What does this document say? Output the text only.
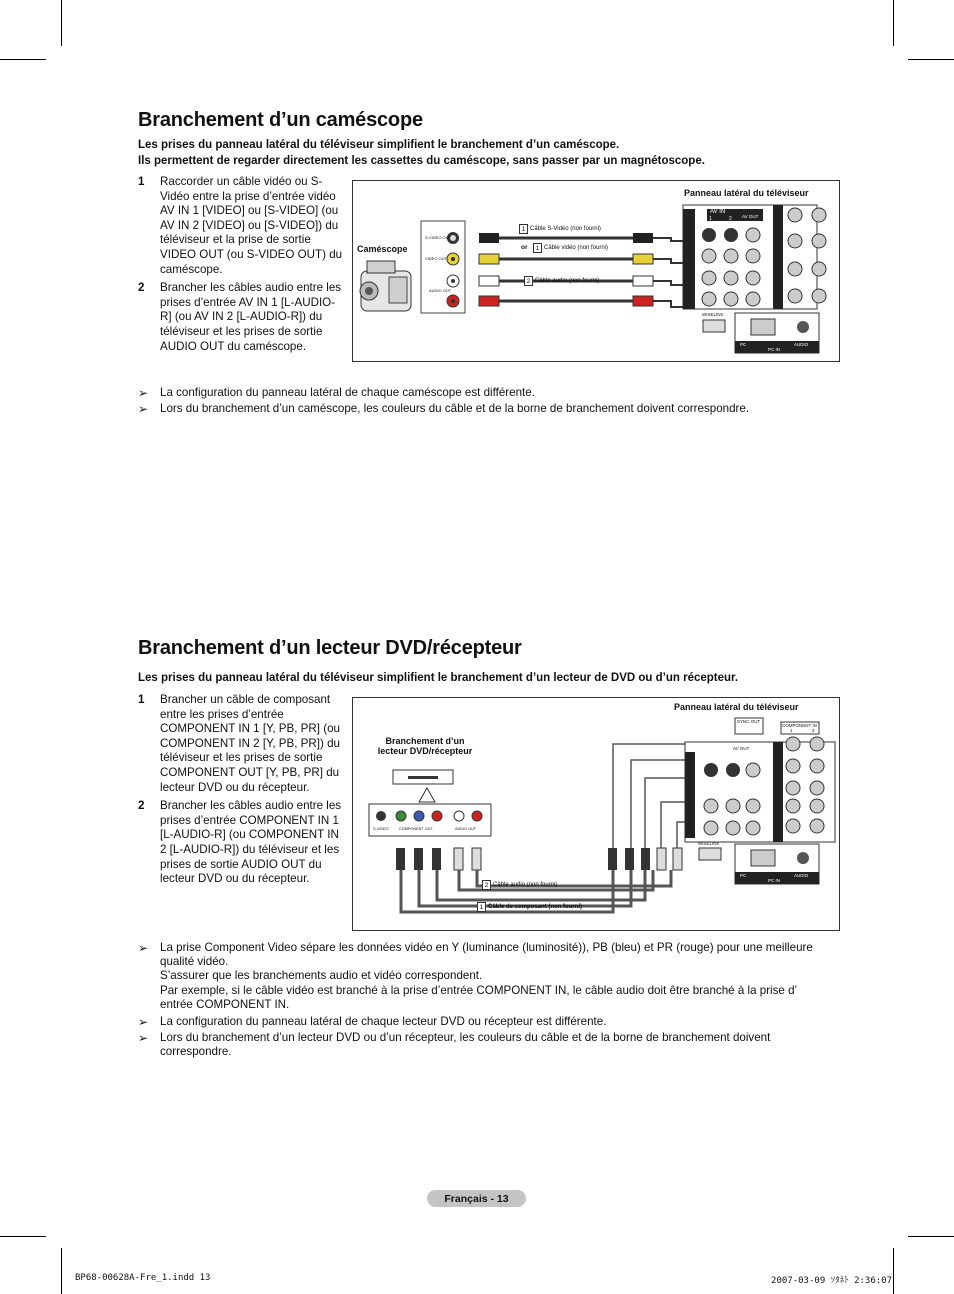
Branchement d’un caméscope
Les prises du panneau latéral du téléviseur simplifient le branchement d’un caméscope.
Ils permettent de regarder directement les cassettes du caméscope, sans passer par un magnétoscope.
1	Raccorder un câble vidéo ou S-Vidéo entre la prise d’entrée vidéo AV IN 1 [VIDEO] ou [S-VIDEO] (ou AV IN 2 [VIDEO] ou [S-VIDEO]) du téléviseur et la prise de sortie VIDEO OUT (ou S-VIDEO OUT) du caméscope.
2	Brancher les câbles audio entre les prises d’entrée AV IN 1 [L-AUDIO-R] (ou AV IN 2 [L-AUDIO-R]) du téléviseur et les prises de sortie AUDIO OUT du caméscope.
Panneau latéral du téléviseur
Caméscope
1 Câble S-Vidéo (non fourni)
or	1 Câble vidéo (non fourni)
2 Câble audio (non fourni)
S-VIDEO OUT
VIDEO OUT
AUDIO OUT
AV IN
AV OUT
1	2
WISELINK
PC	AUDIO
PC IN
➢	La configuration du panneau latéral de chaque caméscope est différente.
➢	Lors du branchement d’un caméscope, les couleurs du câble et de la borne de branchement doivent correspondre.
Branchement d’un lecteur DVD/récepteur
Les prises du panneau latéral du téléviseur simplifient le branchement d’un lecteur de DVD ou d’un récepteur.
1	Brancher un câble de composant entre les prises d’entrée COMPONENT IN 1 [Y, PB, PR] (ou COMPONENT IN 2 [Y, PB, PR]) du téléviseur et les prises de sortie COMPONENT OUT [Y, PB, PR] du lecteur DVD ou du récepteur.
2	Brancher les câbles audio entre les prises d’entrée COMPONENT IN 1 [L-AUDIO-R] (ou COMPONENT IN 2 [L-AUDIO-R]) du téléviseur et les prises de sortie AUDIO OUT du lecteur DVD ou du récepteur.
Panneau latéral du téléviseur
Branchement d’un
lecteur DVD/récepteur
2 Câble audio (non fourni)
1 Câble de composant (non fourni)
SYNC OUT
COMPONENT IN
1	2
AV OUT
WISELINK
PC	AUDIO
PC IN
S-VIDEO	COMPONENT OUT	AUDIO OUT
➢	La prise Component Video sépare les données vidéo en Y (luminance (luminosité)), PB (bleu) et PR (rouge) pour une meilleure qualité vidéo.
S’assurer que les branchements audio et vidéo correspondent.
Par exemple, si le câble vidéo est branché à la prise d’entrée COMPONENT IN, le câble audio doit être branché à la prise d’ entrée COMPONENT IN.
➢	La configuration du panneau latéral de chaque lecteur DVD ou récepteur est différente.
➢	Lors du branchement d’un lecteur DVD ou d’un récepteur, les couleurs du câble et de la borne de branchement doivent correspondre.
Français - 13
BP68-00628A-Fre_1.indd 13	2007-03-09 ｿﾀﾈﾄ 2:36:07
